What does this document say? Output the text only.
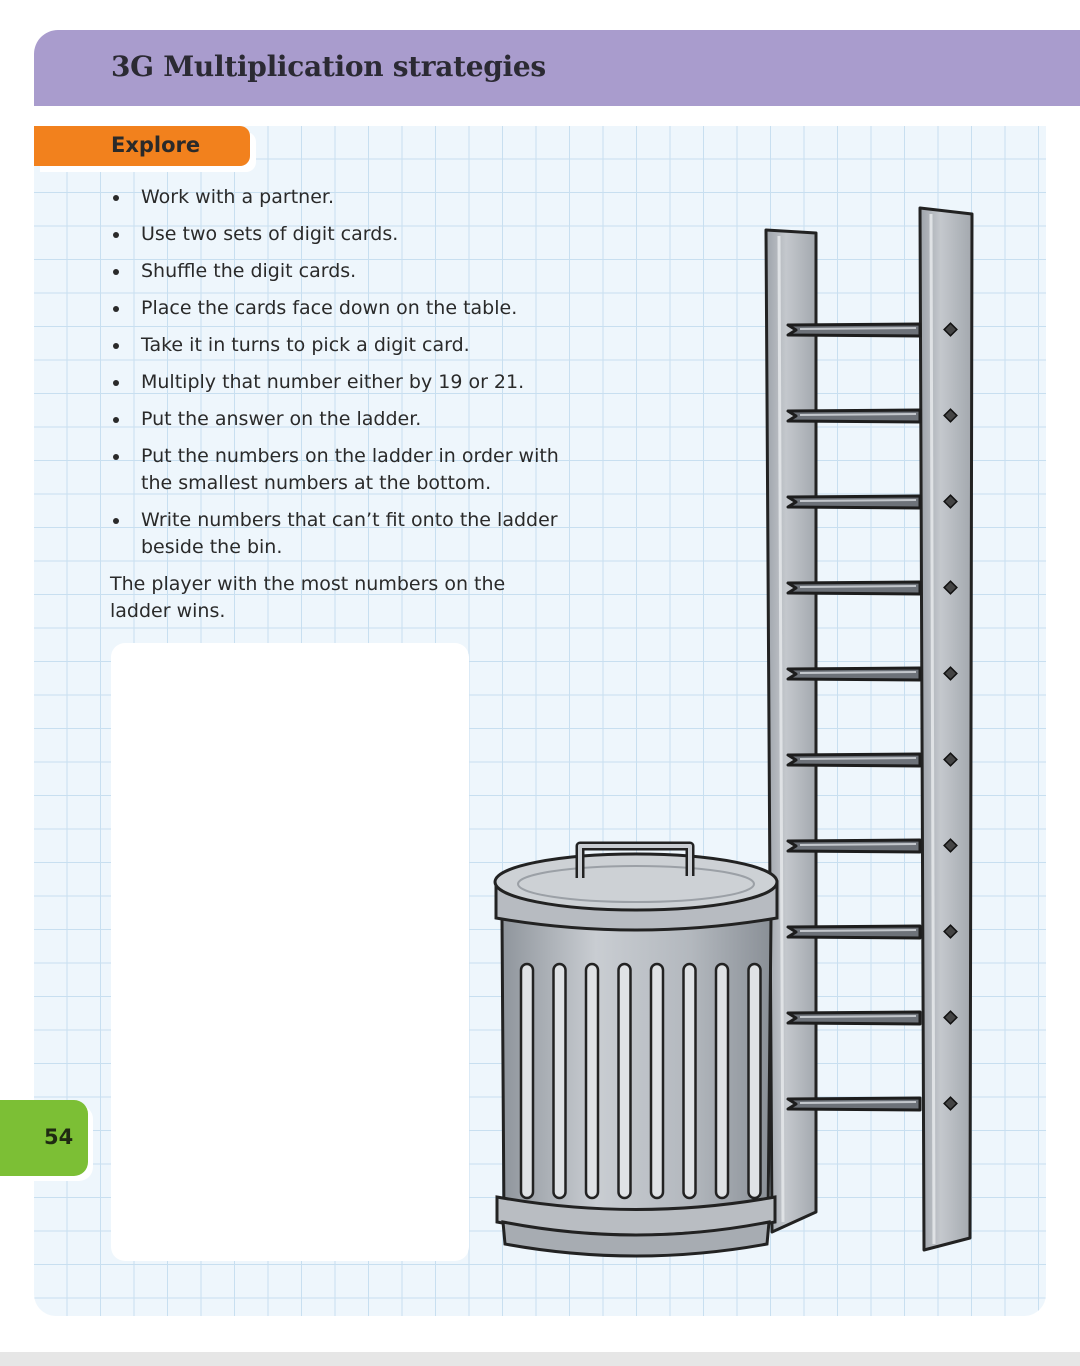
3G Multiplication strategies
Explore
Work with a partner.
Use two sets of digit cards.
Shuffle the digit cards.
Place the cards face down on the table.
Take it in turns to pick a digit card.
Multiply that number either by 19 or 21.
Put the answer on the ladder.
Put the numbers on the ladder in order with the smallest numbers at the bottom.
Write numbers that can’t fit onto the ladder beside the bin.

The player with the most numbers on the ladder wins.

54
